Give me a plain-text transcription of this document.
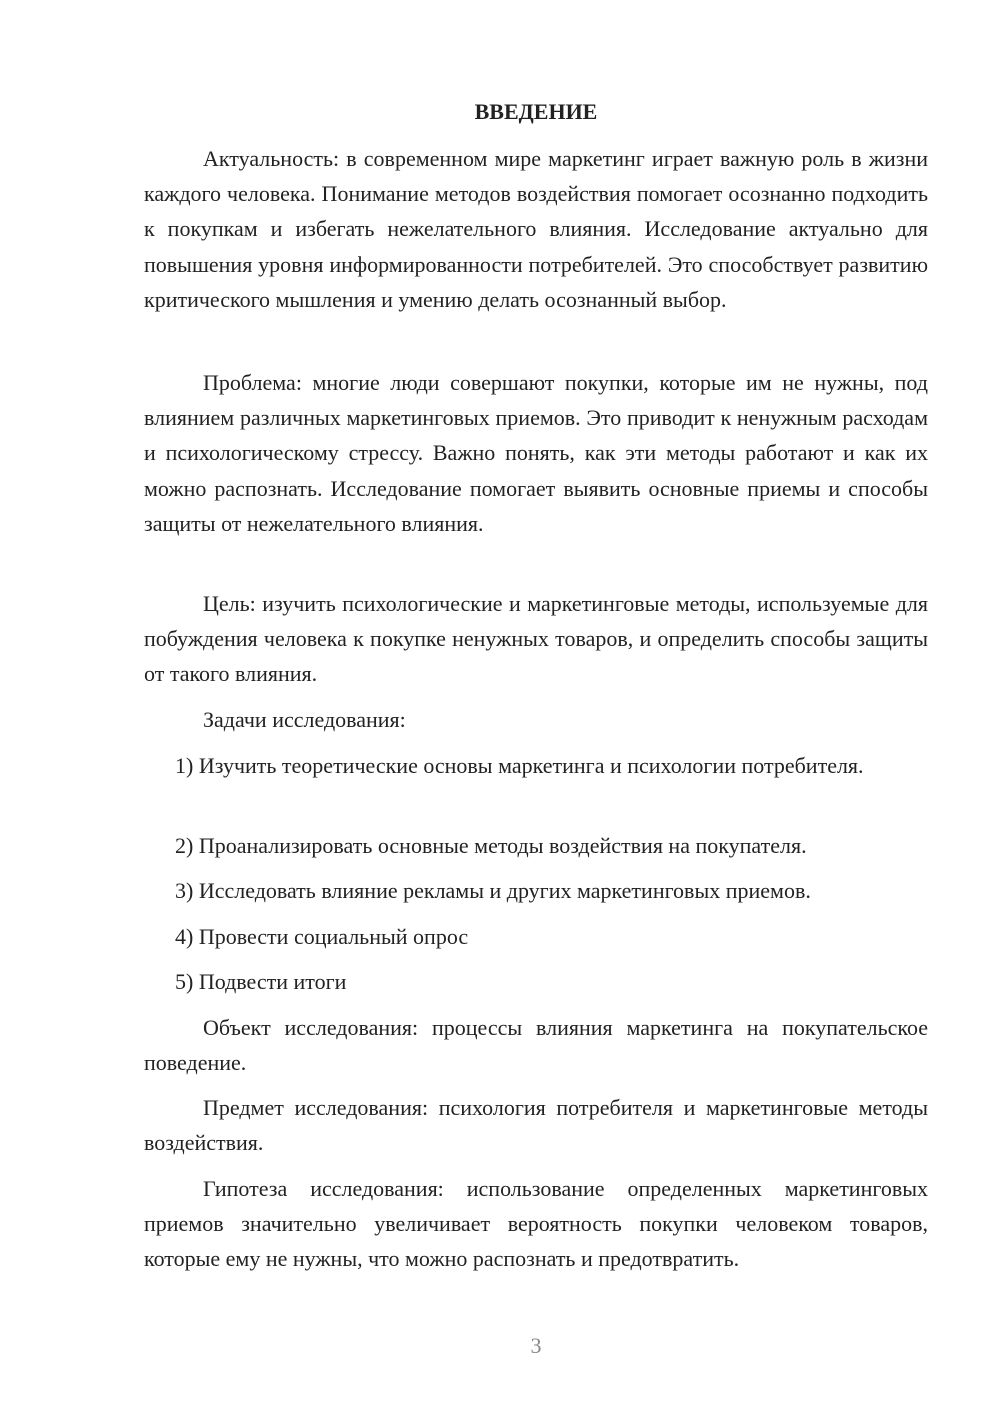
ВВЕДЕНИЕ

Актуальность: в современном мире маркетинг играет важную роль в жизни каждого человека. Понимание методов воздействия помогает осознанно подходить к покупкам и избегать нежелательного влияния. Исследование актуально для повышения уровня информированности потребителей. Это способствует развитию критического мышления и умению делать осознанный выбор.

Проблема: многие люди совершают покупки, которые им не нужны, под влиянием различных маркетинговых приемов. Это приводит к ненужным расходам и психологическому стрессу. Важно понять, как эти методы работают и как их можно распознать. Исследование помогает выявить основные приемы и способы защиты от нежелательного влияния.

Цель: изучить психологические и маркетинговые методы, используемые для побуждения человека к покупке ненужных товаров, и определить способы защиты от такого влияния.

Задачи исследования:

1) Изучить теоретические основы маркетинга и психологии потребителя.

2) Проанализировать основные методы воздействия на покупателя.

3) Исследовать влияние рекламы и других маркетинговых приемов.

4) Провести социальный опрос

5) Подвести итоги

Объект исследования: процессы влияния маркетинга на покупательское поведение.

Предмет исследования: психология потребителя и маркетинговые методы воздействия.

Гипотеза исследования: использование определенных маркетинговых приемов значительно увеличивает вероятность покупки человеком товаров, которые ему не нужны, что можно распознать и предотвратить.

3
